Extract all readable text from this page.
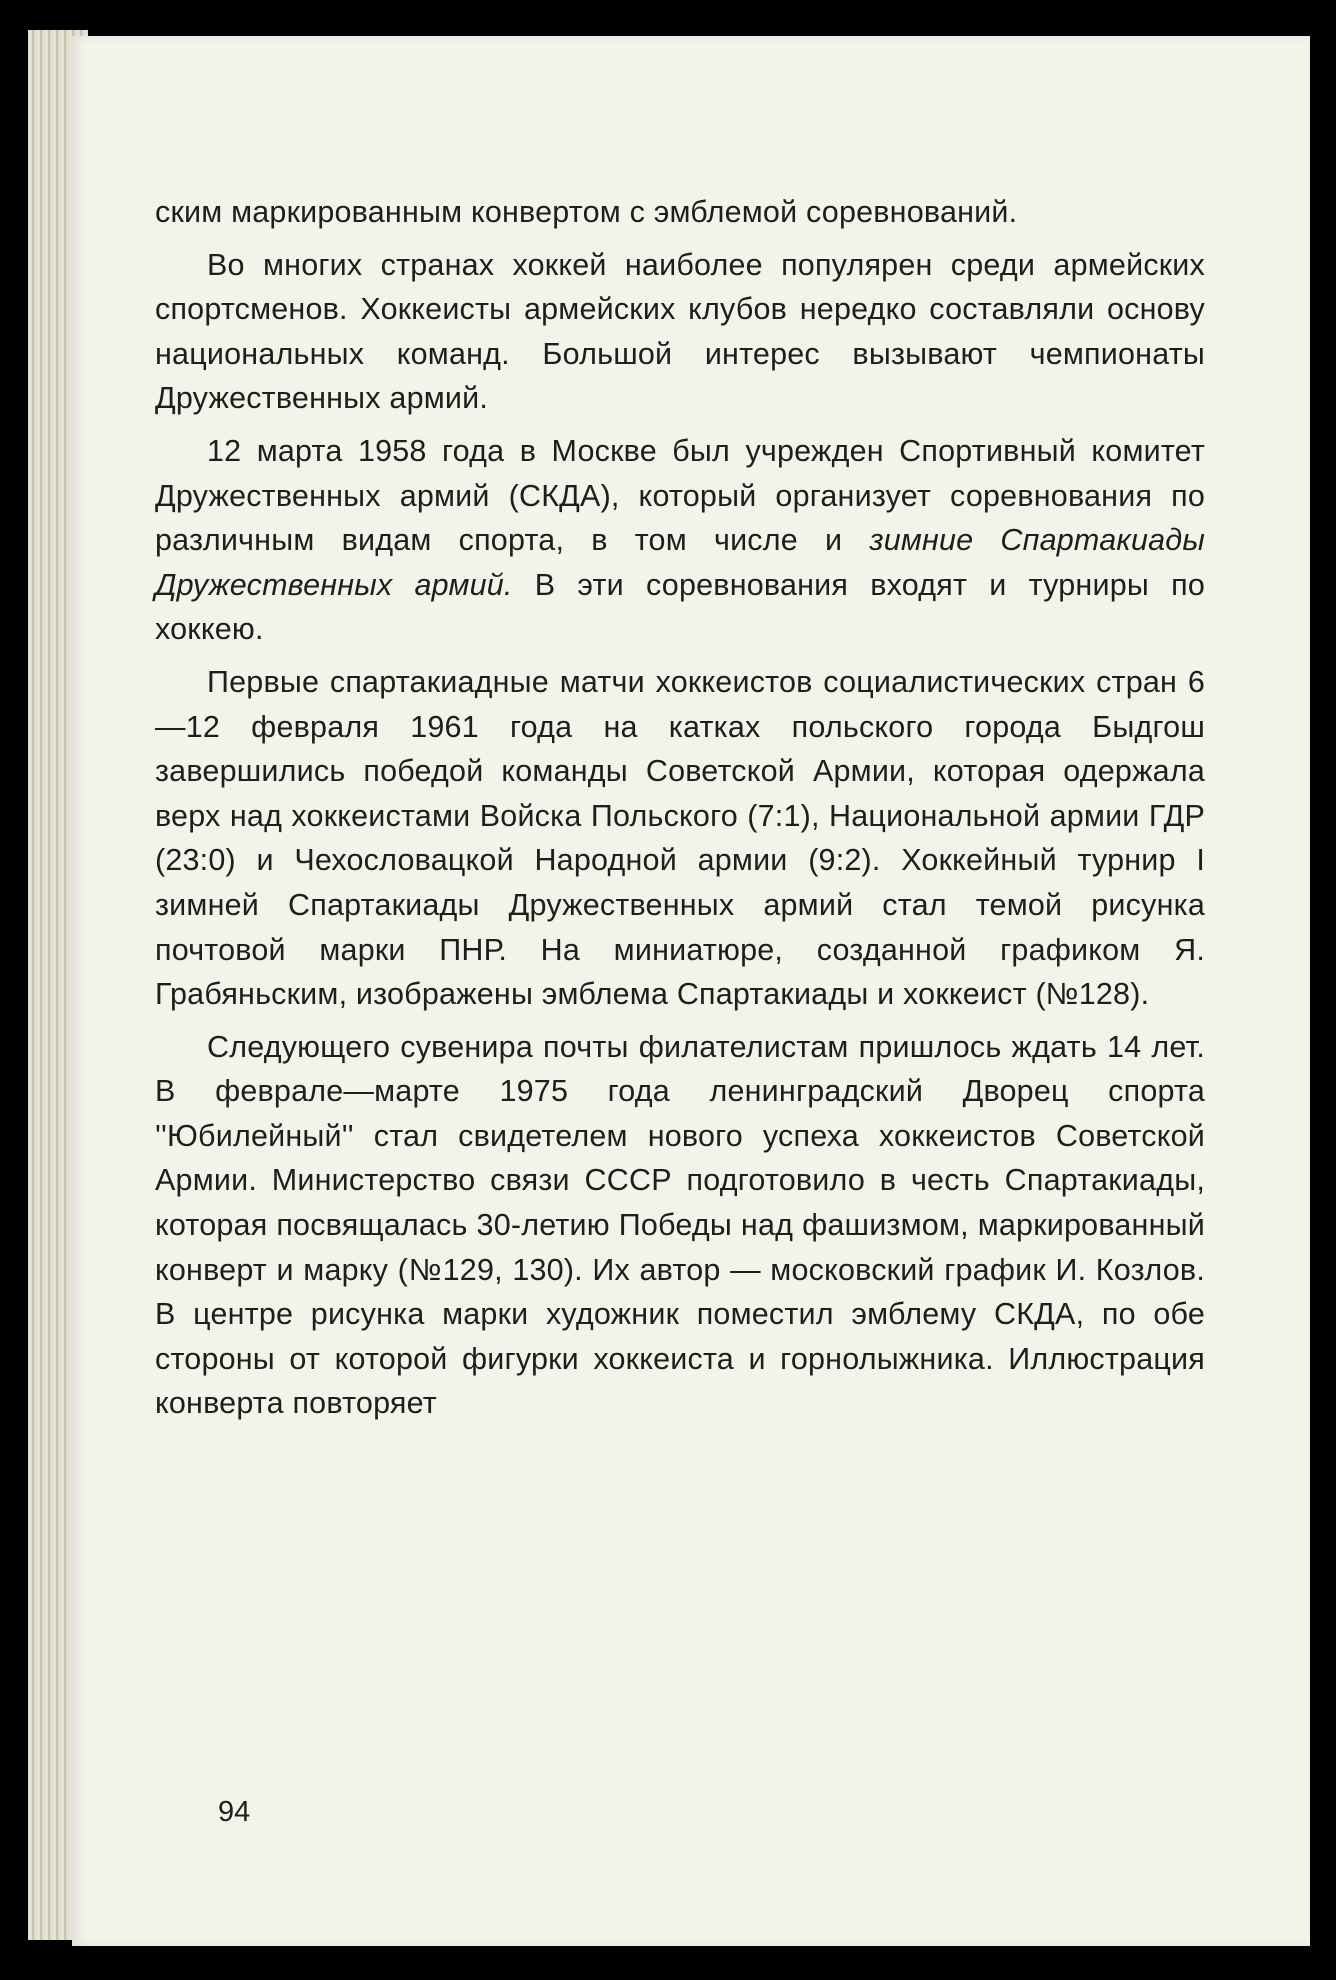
ским маркированным конвертом с эмблемой соревнований.

Во многих странах хоккей наиболее популярен среди армейских спортсменов. Хоккеисты армейских клубов нередко составляли основу национальных команд. Большой интерес вызывают чемпионаты Дружественных армий.

12 марта 1958 года в Москве был учрежден Спортивный комитет Дружественных армий (СКДА), который организует соревнования по различным видам спорта, в том числе и зимние Спартакиады Дружественных армий. В эти соревнования входят и турниры по хоккею.

Первые спартакиадные матчи хоккеистов социалистических стран 6—12 февраля 1961 года на катках польского города Быдгош завершились победой команды Советской Армии, которая одержала верх над хоккеистами Войска Польского (7:1), Национальной армии ГДР (23:0) и Чехословацкой Народной армии (9:2). Хоккейный турнир I зимней Спартакиады Дружественных армий стал темой рисунка почтовой марки ПНР. На миниатюре, созданной графиком Я. Грабяньским, изображены эмблема Спартакиады и хоккеист (№128).

Следующего сувенира почты филателистам пришлось ждать 14 лет. В феврале—марте 1975 года ленинградский Дворец спорта ''Юбилейный'' стал свидетелем нового успеха хоккеистов Советской Армии. Министерство связи СССР подготовило в честь Спартакиады, которая посвящалась 30-летию Победы над фашизмом, маркированный конверт и марку (№129, 130). Их автор — московский график И. Козлов. В центре рисунка марки художник поместил эмблему СКДА, по обе стороны от которой фигурки хоккеиста и горнолыжника. Иллюстрация конверта повторяет

94
